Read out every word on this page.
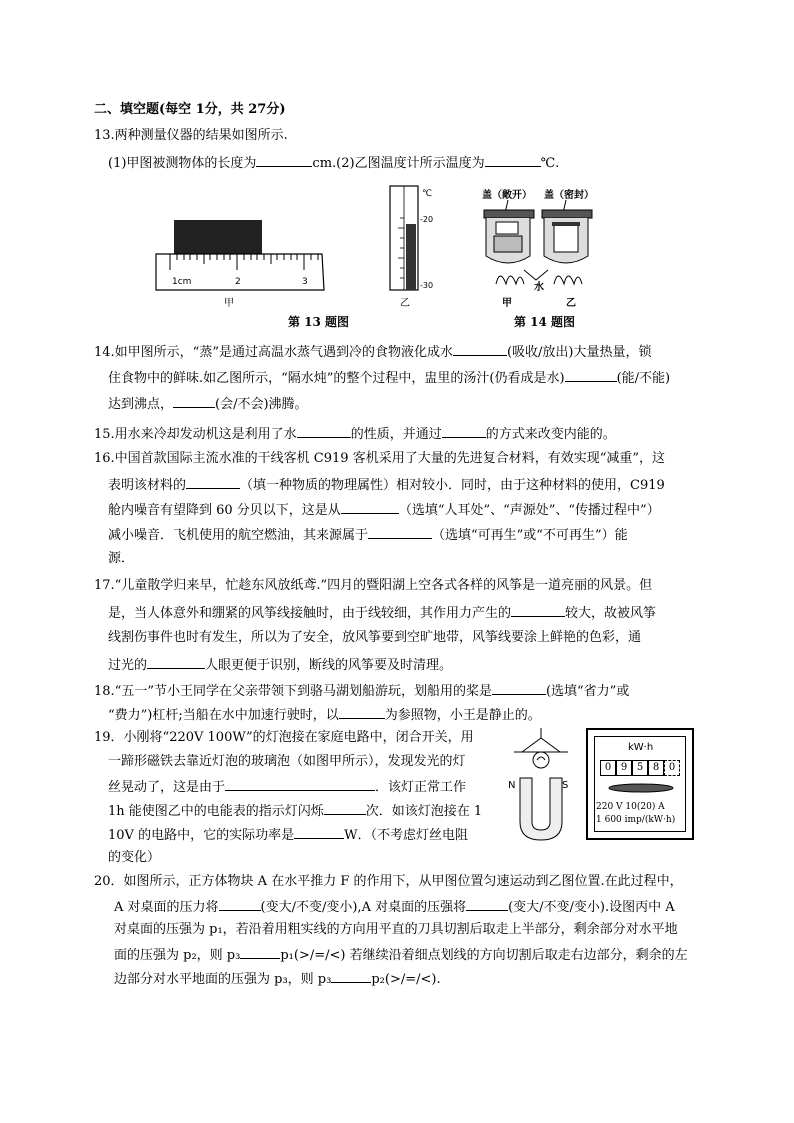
二、填空题(每空 1分，共 27分)
13.两种测量仪器的结果如图所示.
(1)甲图被测物体的长度为	cm.(2)乙图温度计所示温度为	℃.
1cm	2	3
甲
℃
-20
-30
乙
第 13 题图
盖（敞开） 盖（密封）
水
甲	乙
第 14 题图
14.如甲图所示，“蒸”是通过高温水蒸气遇到冷的食物液化成水	(吸收/放出)大量热量，锁
住食物中的鲜味.如乙图所示，“隔水炖”的整个过程中，盅里的汤汁(仍看成是水)	(能/不能)
达到沸点，	(会/不会)沸腾。
15.用水来冷却发动机这是利用了水	的性质，并通过	的方式来改变内能的。
16.中国首款国际主流水准的干线客机 C919 客机采用了大量的先进复合材料，有效实现“减重”，这
表明该材料的	（填一种物质的物理属性）相对较小．同时，由于这种材料的使用，C919
舱内噪音有望降到 60 分贝以下，这是从	（选填“人耳处”、“声源处”、“传播过程中”）
减小噪音．飞机使用的航空燃油，其来源属于	（选填“可再生”或“不可再生”）能
源．
17.“儿童散学归来早，忙趁东风放纸鸢.”四月的暨阳湖上空各式各样的风筝是一道亮丽的风景。但
是，当人体意外和绷紧的风筝线接触时，由于线较细，其作用力产生的	较大，故被风筝
线割伤事件也时有发生，所以为了安全，放风筝要到空旷地带，风筝线要涂上鲜艳的色彩，通
过光的	人眼更便于识别，断线的风筝要及时清理。
18.“五一”节小王同学在父亲带领下到骆马湖划船游玩，划船用的桨是	(选填“省力”或
“费力”)杠杆;当船在水中加速行驶时，以	为参照物，小王是静止的。
19．小刚将“220V 100W”的灯泡接在家庭电路中，闭合开关，用
一蹄形磁铁去靠近灯泡的玻璃泡（如图甲所示），发现发光的灯
丝晃动了，这是由于	．该灯正常工作
1h 能使图乙中的电能表的指示灯闪烁	次．如该灯泡接在 1
10V 的电路中，它的实际功率是	W．（不考虑灯丝电阻
的变化）
N	S
kW·h
0 9 5 8 0
220 V 10(20) A
1 600 imp/(kW·h)
20．如图所示，正方体物块 A 在水平推力 F 的作用下，从甲图位置匀速运动到乙图位置.在此过程中，
A 对桌面的压力将	(变大/不变/变小),A 对桌面的压强将	(变大/不变/变小).设图丙中 A
对桌面的压强为 p₁，若沿着用粗实线的方向用平直的刀具切割后取走上半部分，剩余部分对水平地
面的压强为 p₂，则 p₃	p₁(>/=/<) 若继续沿着细点划线的方向切割后取走右边部分，剩余的左
边部分对水平地面的压强为 p₃，则 p₃	p₂(>/=/<).
